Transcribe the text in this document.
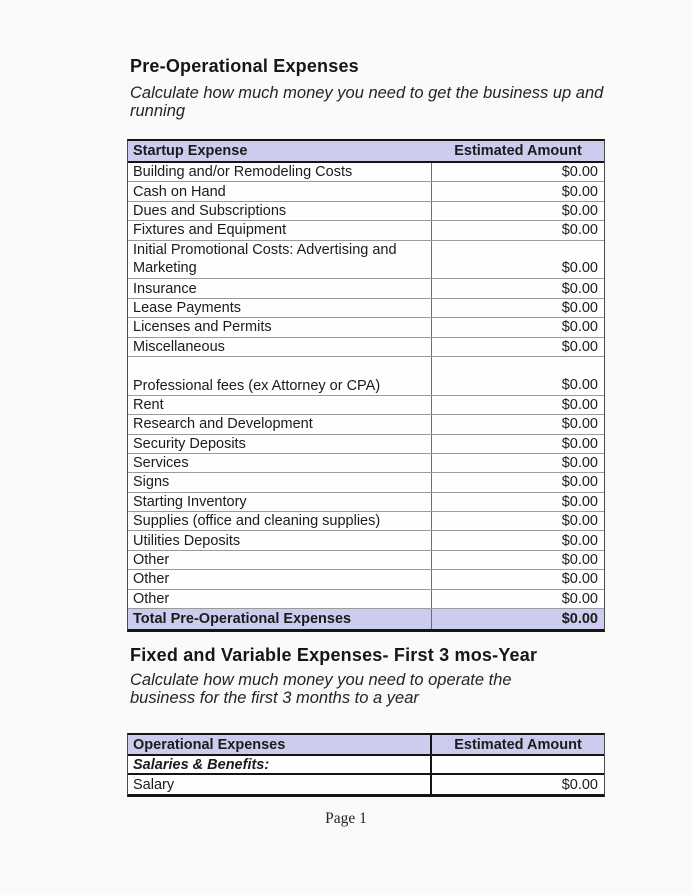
Pre-Operational Expenses
Calculate how much money you need to get the business up and running
Startup Expense	Estimated Amount
Building and/or Remodeling Costs	$0.00
Cash on Hand	$0.00
Dues and Subscriptions	$0.00
Fixtures and Equipment	$0.00
Initial Promotional Costs: Advertising and Marketing	$0.00
Insurance	$0.00
Lease Payments	$0.00
Licenses and Permits	$0.00
Miscellaneous	$0.00
Professional fees (ex Attorney or CPA)	$0.00
Rent	$0.00
Research and Development	$0.00
Security Deposits	$0.00
Services	$0.00
Signs	$0.00
Starting Inventory	$0.00
Supplies (office and cleaning supplies)	$0.00
Utilities Deposits	$0.00
Other	$0.00
Other	$0.00
Other	$0.00
Total Pre-Operational Expenses	$0.00
Fixed and Variable Expenses- First 3 mos-Year
Calculate how much money you need to operate the business for the first 3 months to a year
Operational Expenses	Estimated Amount
Salaries & Benefits:
Salary	$0.00
Page 1
